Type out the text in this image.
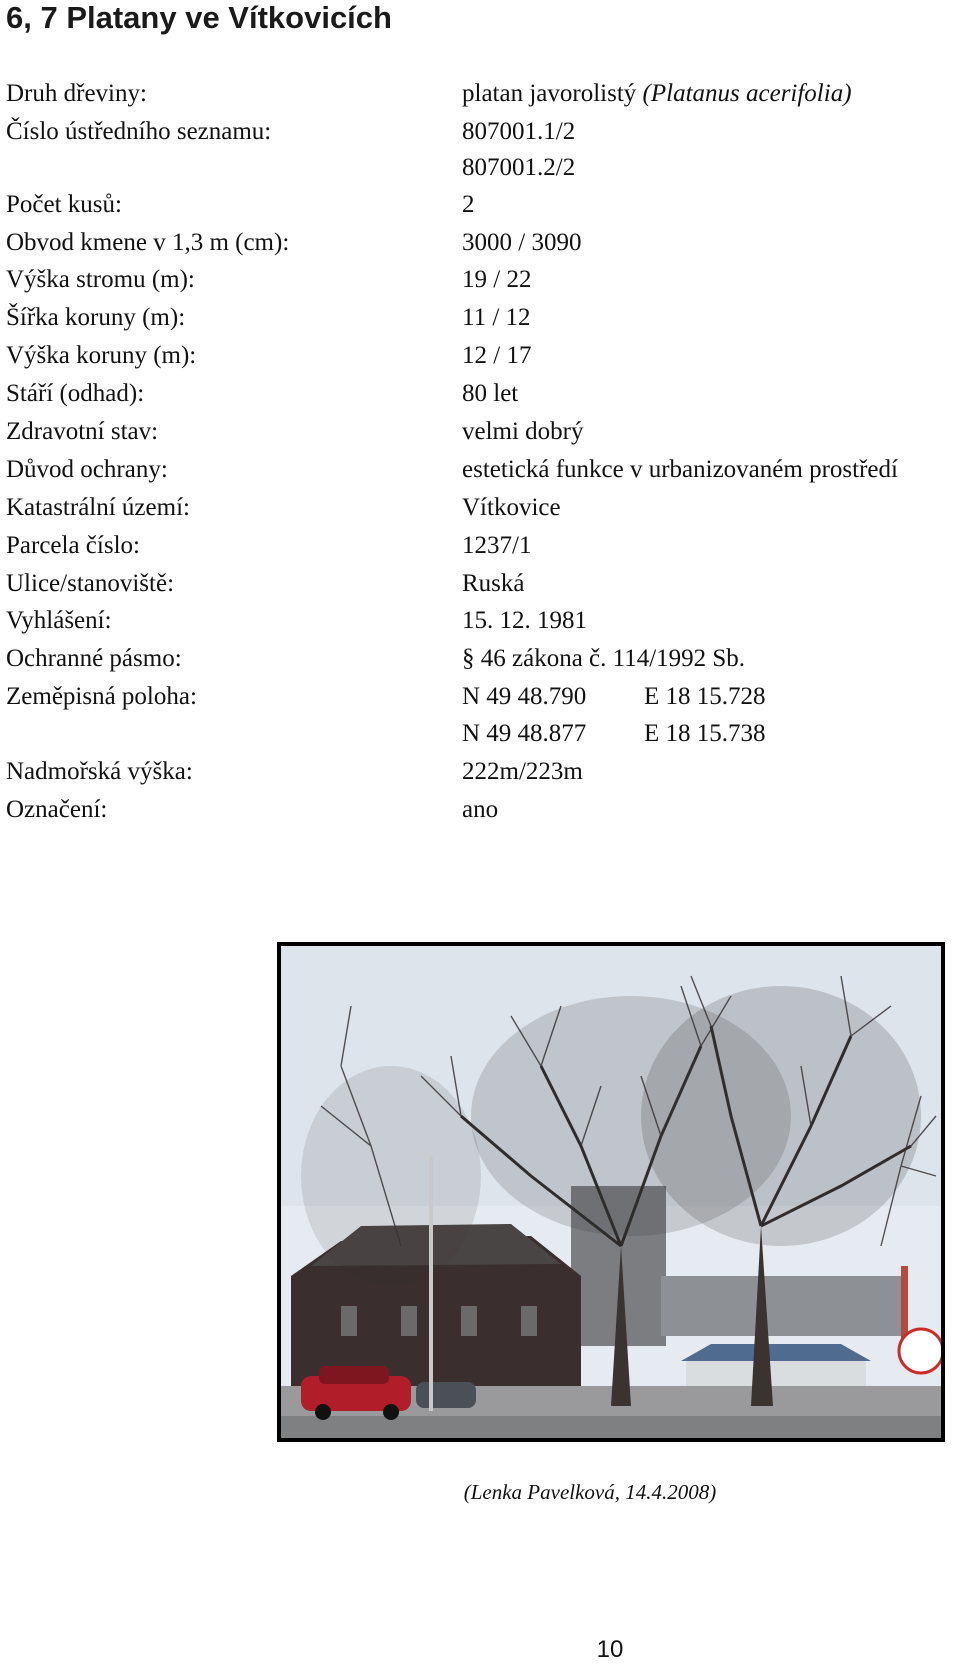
6, 7 Platany ve Vítkovicích
Druh dřeviny:	platan javorolistý (Platanus acerifolia)
Číslo ústředního seznamu:	807001.1/2
807001.2/2
Počet kusů:	2
Obvod kmene v 1,3 m (cm):	3000 / 3090
Výška stromu (m):	19 / 22
Šířka koruny (m):	11 / 12
Výška koruny (m):	12 / 17
Stáří (odhad):	80 let
Zdravotní stav:	velmi dobrý
Důvod ochrany:	estetická funkce v urbanizovaném prostředí
Katastrální území:	Vítkovice
Parcela číslo:	1237/1
Ulice/stanoviště:	Ruská
Vyhlášení:	15. 12. 1981
Ochranné pásmo:	§ 46 zákona č. 114/1992 Sb.
Zeměpisná poloha:	N 49 48.790 E 18 15.728
N 49 48.877 E 18 15.738
Nadmořská výška:	222m/223m
Označení:	ano
(Lenka Pavelková, 14.4.2008)
10
